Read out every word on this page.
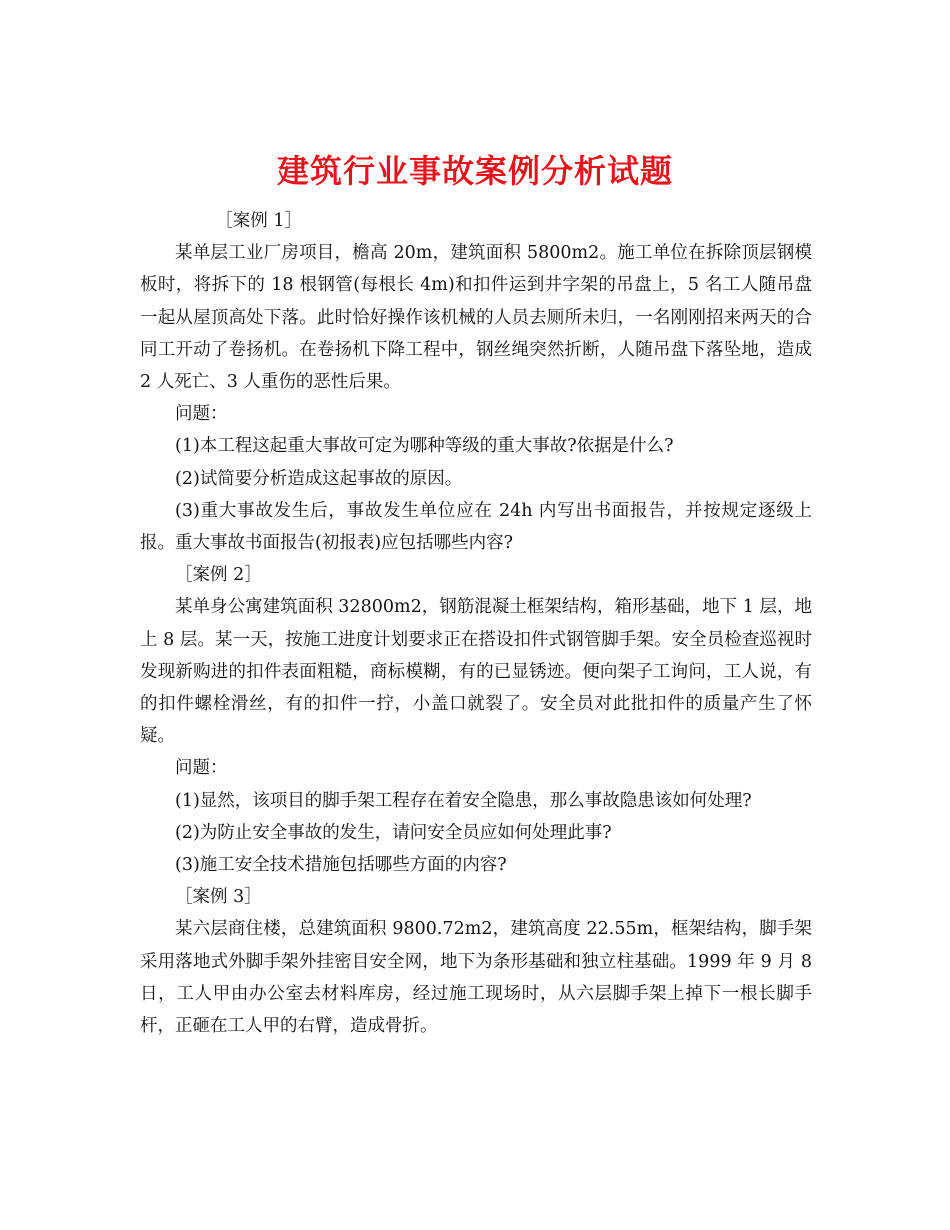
建筑行业事故案例分析试题

［案例 1］

某单层工业厂房项目，檐高 20m，建筑面积 5800m2。施工单位在拆除顶层钢模板时，将拆下的 18 根钢管(每根长 4m)和扣件运到井字架的吊盘上，5 名工人随吊盘一起从屋顶高处下落。此时恰好操作该机械的人员去厕所未归，一名刚刚招来两天的合同工开动了卷扬机。在卷扬机下降工程中，钢丝绳突然折断，人随吊盘下落坠地，造成 2 人死亡、3 人重伤的恶性后果。

问题：

(1)本工程这起重大事故可定为哪种等级的重大事故?依据是什么?

(2)试简要分析造成这起事故的原因。

(3)重大事故发生后，事故发生单位应在 24h 内写出书面报告，并按规定逐级上报。重大事故书面报告(初报表)应包括哪些内容?

［案例 2］

某单身公寓建筑面积 32800m2，钢筋混凝土框架结构，箱形基础，地下 1 层，地上 8 层。某一天，按施工进度计划要求正在搭设扣件式钢管脚手架。安全员检查巡视时发现新购进的扣件表面粗糙，商标模糊，有的已显锈迹。便向架子工询问，工人说，有的扣件螺栓滑丝，有的扣件一拧，小盖口就裂了。安全员对此批扣件的质量产生了怀疑。

问题：

(1)显然，该项目的脚手架工程存在着安全隐患，那么事故隐患该如何处理?

(2)为防止安全事故的发生，请问安全员应如何处理此事?

(3)施工安全技术措施包括哪些方面的内容?

［案例 3］

某六层商住楼，总建筑面积 9800.72m2，建筑高度 22.55m，框架结构，脚手架采用落地式外脚手架外挂密目安全网，地下为条形基础和独立柱基础。1999 年 9 月 8 日，工人甲由办公室去材料库房，经过施工现场时，从六层脚手架上掉下一根长脚手杆，正砸在工人甲的右臂，造成骨折。
